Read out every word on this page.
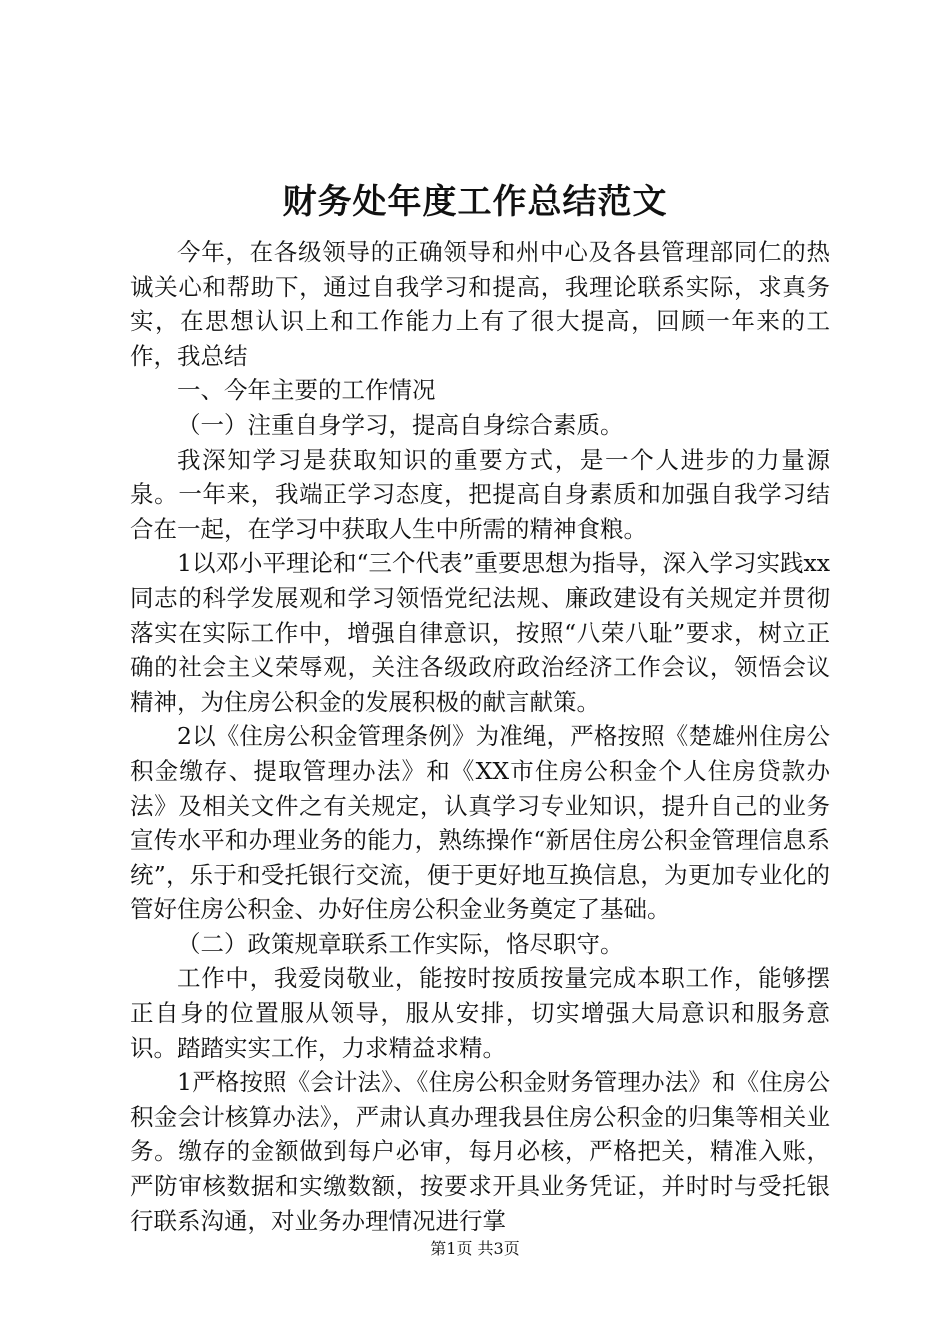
财务处年度工作总结范文

今年，在各级领导的正确领导和州中心及各县管理部同仁的热诚关心和帮助下，通过自我学习和提高，我理论联系实际，求真务实，在思想认识上和工作能力上有了很大提高，回顾一年来的工作，我总结

一、今年主要的工作情况

（一）注重自身学习，提高自身综合素质。

我深知学习是获取知识的重要方式，是一个人进步的力量源泉。一年来，我端正学习态度，把提高自身素质和加强自我学习结合在一起，在学习中获取人生中所需的精神食粮。

1以邓小平理论和“三个代表”重要思想为指导，深入学习实践xx同志的科学发展观和学习领悟党纪法规、廉政建设有关规定并贯彻落实在实际工作中，增强自律意识，按照“八荣八耻”要求，树立正确的社会主义荣辱观，关注各级政府政治经济工作会议，领悟会议精神，为住房公积金的发展积极的献言献策。

2以《住房公积金管理条例》为准绳，严格按照《楚雄州住房公积金缴存、提取管理办法》和《XX市住房公积金个人住房贷款办法》及相关文件之有关规定，认真学习专业知识，提升自己的业务宣传水平和办理业务的能力，熟练操作“新居住房公积金管理信息系统”，乐于和受托银行交流，便于更好地互换信息，为更加专业化的管好住房公积金、办好住房公积金业务奠定了基础。

（二）政策规章联系工作实际，恪尽职守。

工作中，我爱岗敬业，能按时按质按量完成本职工作，能够摆正自身的位置服从领导，服从安排，切实增强大局意识和服务意识。踏踏实实工作，力求精益求精。

1严格按照《会计法》、《住房公积金财务管理办法》和《住房公积金会计核算办法》，严肃认真办理我县住房公积金的归集等相关业务。缴存的金额做到每户必审，每月必核，严格把关，精准入账，严防审核数据和实缴数额，按要求开具业务凭证，并时时与受托银行联系沟通，对业务办理情况进行掌

第1页 共3页
